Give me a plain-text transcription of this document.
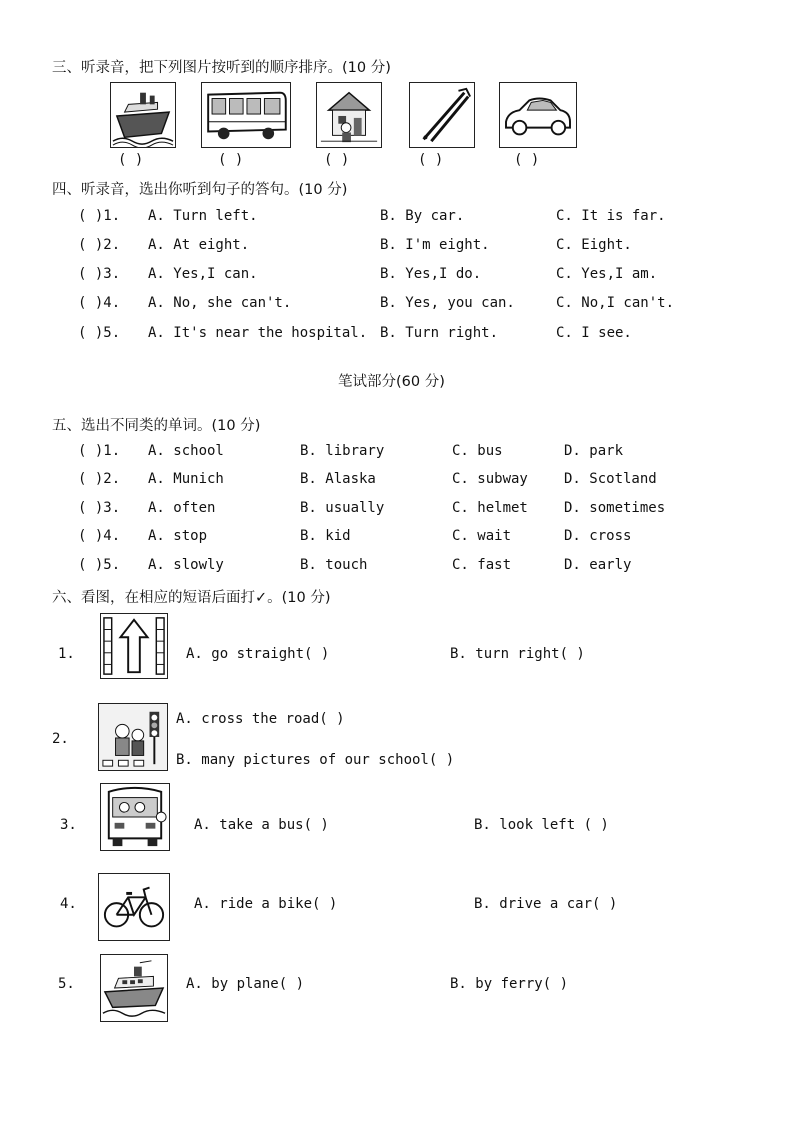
三、听录音，把下列图片按听到的顺序排序。(10 分)
( )	( )	( )	( )	( )
四、听录音，选出你听到句子的答句。(10 分)
( )1. A. Turn left.	B. By car.	C. It is far.
( )2. A. At eight.	B. I'm eight.	C. Eight.
( )3. A. Yes,I can.	B. Yes,I do.	C. Yes,I am.
( )4. A. No, she can't.	B. Yes, you can.	C. No,I can't.
( )5. A. It's near the hospital. B. Turn right.	C. I see.
笔试部分(60 分)
五、选出不同类的单词。(10 分)
( )1. A. school	B. library	C. bus	D. park
( )2. A. Munich	B. Alaska	C. subway	D. Scotland
( )3. A. often	B. usually	C. helmet	D. sometimes
( )4. A. stop	B. kid	C. wait	D. cross
( )5. A. slowly	B. touch	C. fast	D. early
六、看图，在相应的短语后面打✓。(10 分)
1.	A. go straight( )	B. turn right( )
2.
A. cross the road( )
B. many pictures of our school( )
3.	A. take a bus( )	B. look left ( )
4.	A. ride a bike( )	B. drive a car( )
5.	A. by plane( )	B. by ferry( )
